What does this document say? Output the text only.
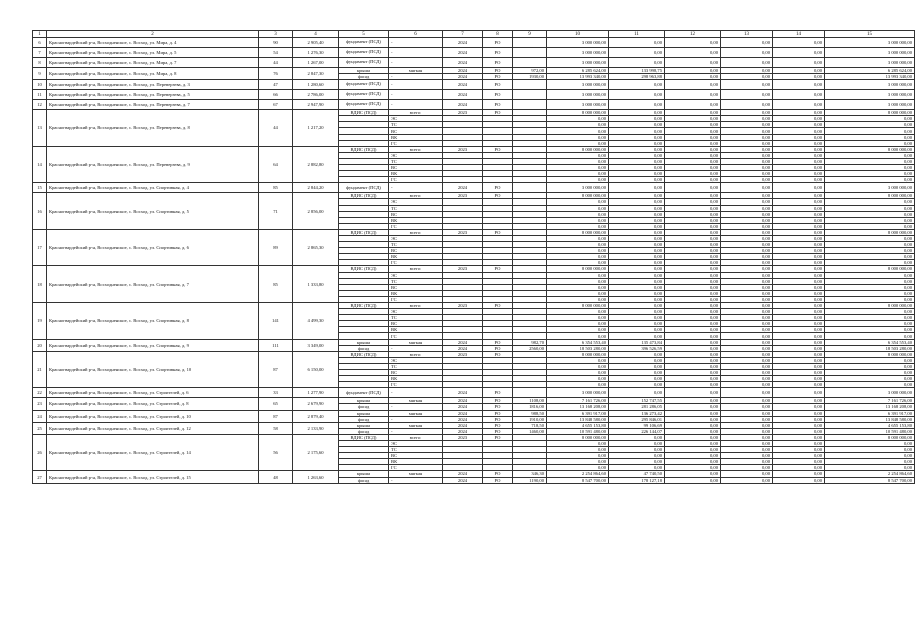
1	2	3	4	5	6	7	8	9	10	11	12	13	14	15
6	Красногвардейский р-н, Восходненское, с. Восход, ул. Мира, д. 4	90	2 905,40	фундамент (ПСД)	-	2024	РО		3 000 000,00	0,00	0,00	0,00	0,00	3 000 000,00
7	Красногвардейский р-н, Восходненское, с. Восход, ул. Мира, д. 5	54	1 276,30	фундамент (ПСД)	-	2024	РО		3 000 000,00	0,00	0,00	0,00	0,00	3 000 000,00
8	Красногвардейский р-н, Восходненское, с. Восход, ул. Мира, д. 7	44	1 267,00	фундамент (ПСД)	-	2024	РО		3 000 000,00	0,00	0,00	0,00	0,00	3 000 000,00
9	Красногвардейский р-н, Восходненское, с. Восход, ул. Мира, д. 8	76	2 847,30	крыша	мягкая	2024	РО	972,00	6 285 624,00	133 998,75	0,00	0,00	0,00	6 285 624,00
				фасад	-	2024	РО	1930,00	13 993 340,00	298 963,88	0,00	0,00	0,00	13 993 340,00
10	Красногвардейский р-н, Восходненское, с. Восход, ул. Переверзева, д. 3	47	1 280,60	фундамент (ПСД)	-	2024	РО		3 000 000,00	0,00	0,00	0,00	0,00	3 000 000,00
11	Красногвардейский р-н, Восходненское, с. Восход, ул. Переверзева, д. 5	66	2 786,00	фундамент (ПСД)	-	2024	РО		3 000 000,00	0,00	0,00	0,00	0,00	3 000 000,00
12	Красногвардейский р-н, Восходненское, с. Восход, ул. Переверзева, д. 7	67	2 947,90	фундамент (ПСД)	-	2024	РО		3 000 000,00	0,00	0,00	0,00	0,00	3 000 000,00
13	Красногвардейский р-н, Восходненское, с. Восход, ул. Переверзева, д. 8	44	1 217,20	ВДИС (ПСД)	всего:	2023	РО		8 000 000,00	0,00	0,00	0,00	0,00	8 000 000,00
					ЭС				0,00	0,00	0,00	0,00	0,00	0,00
					ТС				0,00	0,00	0,00	0,00	0,00	0,00
					ВС				0,00	0,00	0,00	0,00	0,00	0,00
					ВК				0,00	0,00	0,00	0,00	0,00	0,00
					ГС				0,00	0,00	0,00	0,00	0,00	0,00
14	Красногвардейский р-н, Восходненское, с. Восход, ул. Переверзева, д. 9	64	2 882,80	ВДИС (ПСД)	всего:	2023	РО		8 000 000,00	0,00	0,00	0,00	0,00	8 000 000,00
					ЭС				0,00	0,00	0,00	0,00	0,00	0,00
					ТС				0,00	0,00	0,00	0,00	0,00	0,00
					ВС				0,00	0,00	0,00	0,00	0,00	0,00
					ВК				0,00	0,00	0,00	0,00	0,00	0,00
					ГС				0,00	0,00	0,00	0,00	0,00	0,00
15	Красногвардейский р-н, Восходненское, с. Восход, ул. Спортивная, д. 4	85	2 844,20	фундамент (ПСД)	-	2024	РО		3 000 000,00	0,00	0,00	0,00	0,00	3 000 000,00
16	Красногвардейский р-н, Восходненское, с. Восход, ул. Спортивная, д. 5	71	2 856,00	ВДИС (ПСД)	всего:	2023	РО		8 000 000,00	0,00	0,00	0,00	0,00	8 000 000,00
					ЭС				0,00	0,00	0,00	0,00	0,00	0,00
					ТС				0,00	0,00	0,00	0,00	0,00	0,00
					ВС				0,00	0,00	0,00	0,00	0,00	0,00
					ВК				0,00	0,00	0,00	0,00	0,00	0,00
					ГС				0,00	0,00	0,00	0,00	0,00	0,00
17	Красногвардейский р-н, Восходненское, с. Восход, ул. Спортивная, д. 6	89	2 865,30	ВДИС (ПСД)	всего:	2023	РО		8 000 000,00	0,00	0,00	0,00	0,00	8 000 000,00
					ЭС				0,00	0,00	0,00	0,00	0,00	0,00
					ТС				0,00	0,00	0,00	0,00	0,00	0,00
					ВС				0,00	0,00	0,00	0,00	0,00	0,00
					ВК				0,00	0,00	0,00	0,00	0,00	0,00
					ГС				0,00	0,00	0,00	0,00	0,00	0,00
18	Красногвардейский р-н, Восходненское, с. Восход, ул. Спортивная, д. 7	85	1 333,80	ВДИС (ПСД)	всего:	2023	РО		8 000 000,00	0,00	0,00	0,00	0,00	8 000 000,00
					ЭС				0,00	0,00	0,00	0,00	0,00	0,00
					ТС				0,00	0,00	0,00	0,00	0,00	0,00
					ВС				0,00	0,00	0,00	0,00	0,00	0,00
					ВК				0,00	0,00	0,00	0,00	0,00	0,00
					ГС				0,00	0,00	0,00	0,00	0,00	0,00
19	Красногвардейский р-н, Восходненское, с. Восход, ул. Спортивная, д. 8	141	4 499,30	ВДИС (ПСД)	всего:	2023	РО		8 000 000,00	0,00	0,00	0,00	0,00	8 000 000,00
					ЭС				0,00	0,00	0,00	0,00	0,00	0,00
					ТС				0,00	0,00	0,00	0,00	0,00	0,00
					ВС				0,00	0,00	0,00	0,00	0,00	0,00
					ВК				0,00	0,00	0,00	0,00	0,00	0,00
					ГС				0,00	0,00	0,00	0,00	0,00	0,00
20	Красногвардейский р-н, Восходненское, с. Восход, ул. Спортивная, д. 9	111	3 349,00	крыша	мягкая	2024	РО	982,70	6 354 553,40	135 473,84	0,00	0,00	0,00	6 354 553,40
				фасад	-	2024	РО	2560,00	18 503 280,00	396 526,59	0,00	0,00	0,00	18 503 280,00
21	Красногвардейский р-н, Восходненское, с. Восход, ул. Спортивная, д. 10	87	6 150,00	ВДИС (ПСД)	всего:	2023	РО		8 000 000,00	0,00	0,00	0,00	0,00	8 000 000,00
					ЭС				0,00	0,00	0,00	0,00	0,00	0,00
					ТС				0,00	0,00	0,00	0,00	0,00	0,00
					ВС				0,00	0,00	0,00	0,00	0,00	0,00
					ВК				0,00	0,00	0,00	0,00	0,00	0,00
					ГС				0,00	0,00	0,00	0,00	0,00	0,00
22	Красногвардейский р-н, Восходненское, с. Восход, ул. Строителей, д. 6	33	1 277,90	фундамент (ПСД)	-	2024	РО		3 000 000,00	0,00	0,00	0,00	0,00	3 000 000,00
23	Красногвардейский р-н, Восходненское, с. Восход, ул. Строителей, д. 8	65	2 679,90	крыша	мягкая	2024	РО	1108,00	7 161 726,00	152 747,55	0,00	0,00	0,00	7 161 726,00
				фасад	-	2024	РО	1816,00	13 168 208,00	281 286,05	0,00	0,00	0,00	13 168 208,00
24	Красногвардейский р-н, Восходненское, с. Восход, ул. Строителей, д. 10	87	2 879,40	крыша	мягкая	2024	РО	988,50	6 391 917,00	136 273,42	0,00	0,00	0,00	6 391 917,00
				фасад	-	2024	РО	1910,00	13 848 580,00	295 846,01	0,00	0,00	0,00	13 848 580,00
25	Красногвардейский р-н, Восходненское, с. Восход, ул. Строителей, д. 12	58	2 133,90	крыша	мягкая	2024	РО	718,50	4 655 153,80	99 106,69	0,00	0,00	0,00	4 655 153,80
				фасад	-	2024	РО	1460,00	10 591 480,00	226 144,07	0,00	0,00	0,00	10 591 480,00
26	Красногвардейский р-н, Восходненское, с. Восход, ул. Строителей, д. 14	56	2 175,60	ВДИС (ПСД)	всего:	2023	РО		8 000 000,00	0,00	0,00	0,00	0,00	8 000 000,00
					ЭС				0,00	0,00	0,00	0,00	0,00	0,00
					ТС				0,00	0,00	0,00	0,00	0,00	0,00
					ВС				0,00	0,00	0,00	0,00	0,00	0,00
					ВК				0,00	0,00	0,00	0,00	0,00	0,00
					ГС				0,00	0,00	0,00	0,00	0,00	0,00
27	Красногвардейский р-н, Восходненское, с. Восход, ул. Строителей, д. 15	48	1 263,60	крыша	мягкая	2024	РО	346,30	2 254 864,60	47 740,50	0,00	0,00	0,00	2 254 864,60
				фасад	-	2024	РО	1190,00	8 547 700,00	178 127,18	0,00	0,00	0,00	8 547 700,00
